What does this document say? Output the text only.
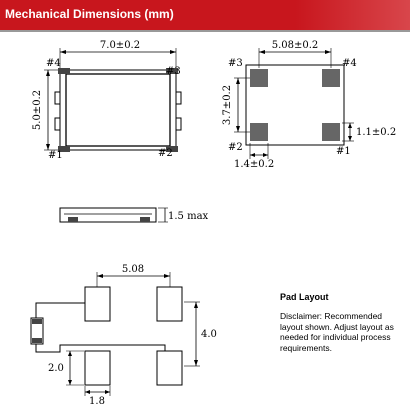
Mechanical Dimensions (mm)
7.0±0.2
5.0±0.2
#4
#3
#1	#2
5.08±0.2
3.7±0.2
1.1±0.2
1.4±0.2
#3	#4
#2	#1
1.5 max
5.08
4.0
2.0
1.8
Pad Layout
Disclaimer: Recommended layout shown. Adjust layout as needed for individual process requirements.
